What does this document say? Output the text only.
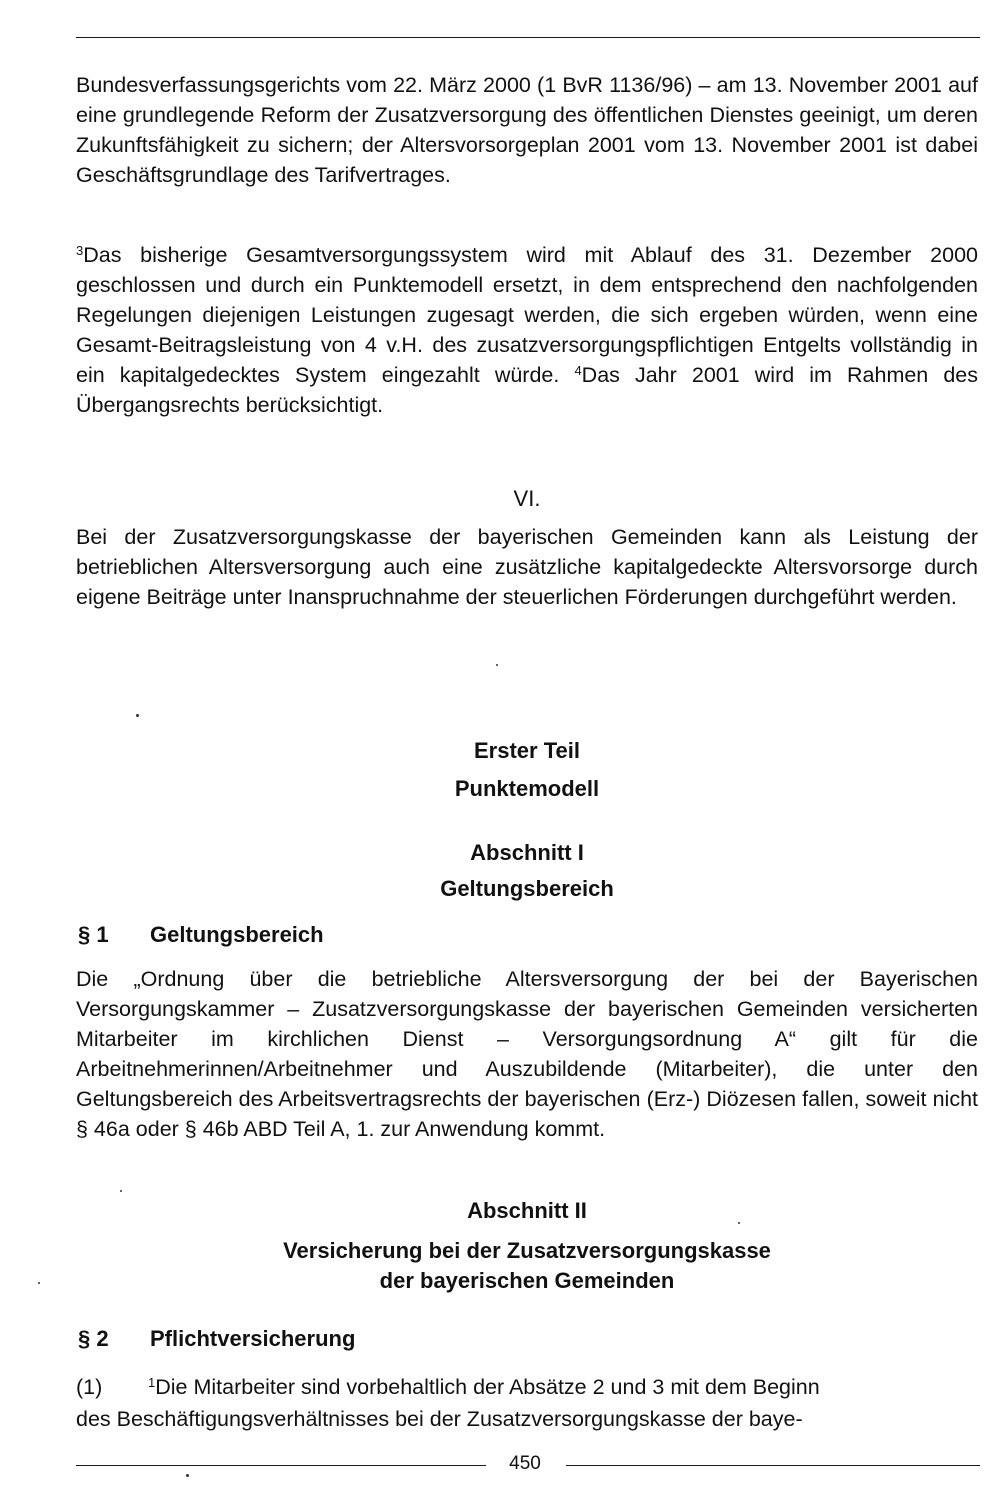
Bundesverfassungsgerichts vom 22. März 2000 (1 BvR 1136/96) – am 13. November 2001 auf eine grundlegende Reform der Zusatzversorgung des öffentlichen Dienstes geeinigt, um deren Zukunftsfähigkeit zu sichern; der Altersvorsorgeplan 2001 vom 13. November 2001 ist dabei Geschäftsgrundlage des Tarifvertrages.

$^3$Das bisherige Gesamtversorgungssystem wird mit Ablauf des 31. Dezember 2000 geschlossen und durch ein Punktemodell ersetzt, in dem entsprechend den nachfolgenden Regelungen diejenigen Leistungen zugesagt werden, die sich ergeben würden, wenn eine Gesamt-Beitragsleistung von 4 v.H. des zusatzversorgungspflichtigen Entgelts vollständig in ein kapitalgedecktes System eingezahlt würde. $^4$Das Jahr 2001 wird im Rahmen des Übergangsrechts berücksichtigt.

VI.

Bei der Zusatzversorgungskasse der bayerischen Gemeinden kann als Leistung der betrieblichen Altersversorgung auch eine zusätzliche kapitalgedeckte Altersvorsorge durch eigene Beiträge unter Inanspruchnahme der steuerlichen Förderungen durchgeführt werden.

Erster Teil
Punktemodell
Abschnitt I
Geltungsbereich
§ 1 Geltungsbereich

Die „Ordnung über die betriebliche Altersversorgung der bei der Bayerischen Versorgungskammer – Zusatzversorgungskasse der bayerischen Gemeinden versicherten Mitarbeiter im kirchlichen Dienst – Versorgungsordnung A“ gilt für die Arbeitnehmerinnen/Arbeitnehmer und Auszubildende (Mitarbeiter), die unter den Geltungsbereich des Arbeitsvertragsrechts der bayerischen (Erz-) Diözesen fallen, soweit nicht § 46a oder § 46b ABD Teil A, 1. zur Anwendung kommt.

Abschnitt II
Versicherung bei der Zusatzversorgungskasse
der bayerischen Gemeinden
§ 2 Pflichtversicherung
(1)	$^1$Die Mitarbeiter sind vorbehaltlich der Absätze 2 und 3 mit dem Beginn
des Beschäftigungsverhältnisses bei der Zusatzversorgungskasse der baye-
450
